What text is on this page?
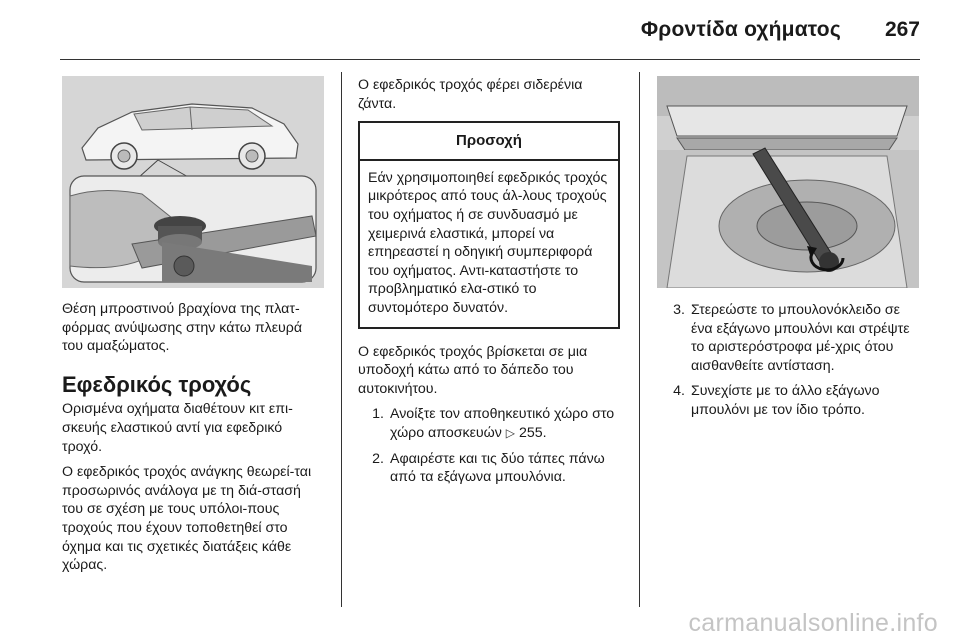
Φροντίδα οχήματος 267

Θέση μπροστινού βραχίονα της πλατ-φόρμας ανύψωσης στην κάτω πλευρά του αμαξώματος.

Εφεδρικός τροχός

Ορισμένα οχήματα διαθέτουν κιτ επι-σκευής ελαστικού αντί για εφεδρικό τροχό.

Ο εφεδρικός τροχός ανάγκης θεωρεί-ται προσωρινός ανάλογα με τη διά-στασή του σε σχέση με τους υπόλοι-πους τροχούς που έχουν τοποθετηθεί στο όχημα και τις σχετικές διατάξεις κάθε χώρας.

Ο εφεδρικός τροχός φέρει σιδερένια ζάντα.

Προσοχή
Εάν χρησιμοποιηθεί εφεδρικός τροχός μικρότερος από τους άλ-λους τροχούς του οχήματος ή σε συνδυασμό με χειμερινά ελαστικά, μπορεί να επηρεαστεί η οδηγική συμπεριφορά του οχήματος. Αντι-καταστήστε το προβληματικό ελα-στικό το συντομότερο δυνατόν.

Ο εφεδρικός τροχός βρίσκεται σε μια υποδοχή κάτω από το δάπεδο του αυτοκινήτου.

1. Ανοίξτε τον αποθηκευτικό χώρο στο χώρο αποσκευών ▷ 255.
2. Αφαιρέστε και τις δύο τάπες πάνω από τα εξάγωνα μπουλόνια.
3. Στερεώστε το μπουλονόκλειδο σε ένα εξάγωνο μπουλόνι και στρέψτε το αριστερόστροφα μέ-χρις ότου αισθανθείτε αντίσταση.
4. Συνεχίστε με το άλλο εξάγωνο μπουλόνι με τον ίδιο τρόπο.
carmanualsonline.info
